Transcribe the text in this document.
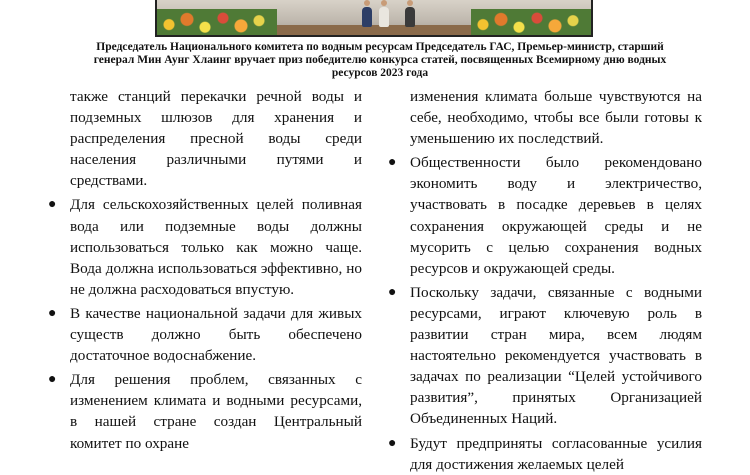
Председатель Национального комитета по водным ресурсам Председатель ГАС, Премьер-министр, старший генерал Мин Аунг Хлаинг вручает приз победителю конкурса статей, посвященных Всемирному дню водных ресурсов 2023 года

также станций перекачки речной воды и подземных шлюзов для хранения и распределения пресной воды среди населения различными путями и средствами.

● Для сельскохозяйственных целей поливная вода или подземные воды должны использоваться только как можно чаще. Вода должна использоваться эффективно, но не должна расходоваться впустую.
● В качестве национальной задачи для живых существ должно быть обеспечено достаточное водоснабжение.
● Для решения проблем, связанных с изменением климата и водными ресурсами, в нашей стране создан Центральный комитет по охране

изменения климата больше чувствуются на себе, необходимо, чтобы все были готовы к уменьшению их последствий.

● Общественности было рекомендовано экономить воду и электричество, участвовать в посадке деревьев в целях сохранения окружающей среды и не мусорить с целью сохранения водных ресурсов и окружающей среды.
● Поскольку задачи, связанные с водными ресурсами, играют ключевую роль в развитии стран мира, всем людям настоятельно рекомендуется участвовать в задачах по реализации “Целей устойчивого развития”, принятых Организацией Объединенных Наций.
● Будут предприняты согласованные усилия для достижения желаемых целей
